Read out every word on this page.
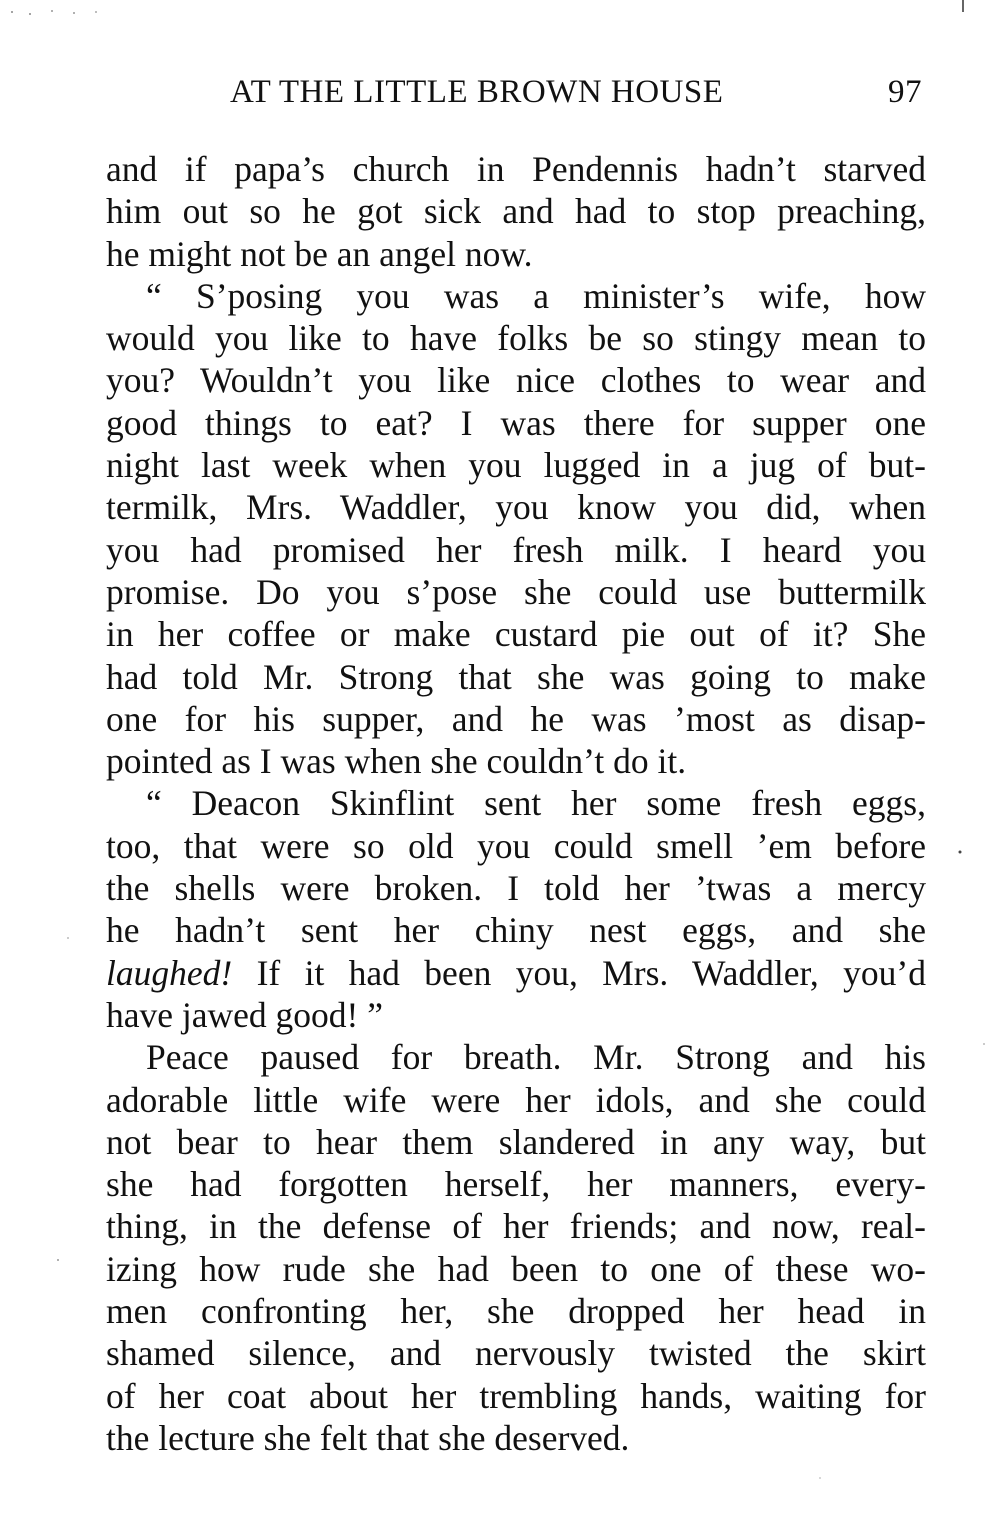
AT THE LITTLE BROWN HOUSE	97
and if papa’s church in Pendennis hadn’t starved
him out so he got sick and had to stop preaching,
he might not be an angel now.
“ S’posing you was a minister’s wife, how
would you like to have folks be so stingy mean to
you? Wouldn’t you like nice clothes to wear and
good things to eat? I was there for supper one
night last week when you lugged in a jug of but-
termilk, Mrs. Waddler, you know you did, when
you had promised her fresh milk. I heard you
promise. Do you s’pose she could use buttermilk
in her coffee or make custard pie out of it? She
had told Mr. Strong that she was going to make
one for his supper, and he was ’most as disap-
pointed as I was when she couldn’t do it.
“ Deacon Skinflint sent her some fresh eggs,
too, that were so old you could smell ’em before
the shells were broken. I told her ’twas a mercy
he hadn’t sent her chiny nest eggs, and she
laughed! If it had been you, Mrs. Waddler, you’d
have jawed good! ”
Peace paused for breath. Mr. Strong and his
adorable little wife were her idols, and she could
not bear to hear them slandered in any way, but
she had forgotten herself, her manners, every-
thing, in the defense of her friends; and now, real-
izing how rude she had been to one of these wo-
men confronting her, she dropped her head in
shamed silence, and nervously twisted the skirt
of her coat about her trembling hands, waiting for
the lecture she felt that she deserved.
